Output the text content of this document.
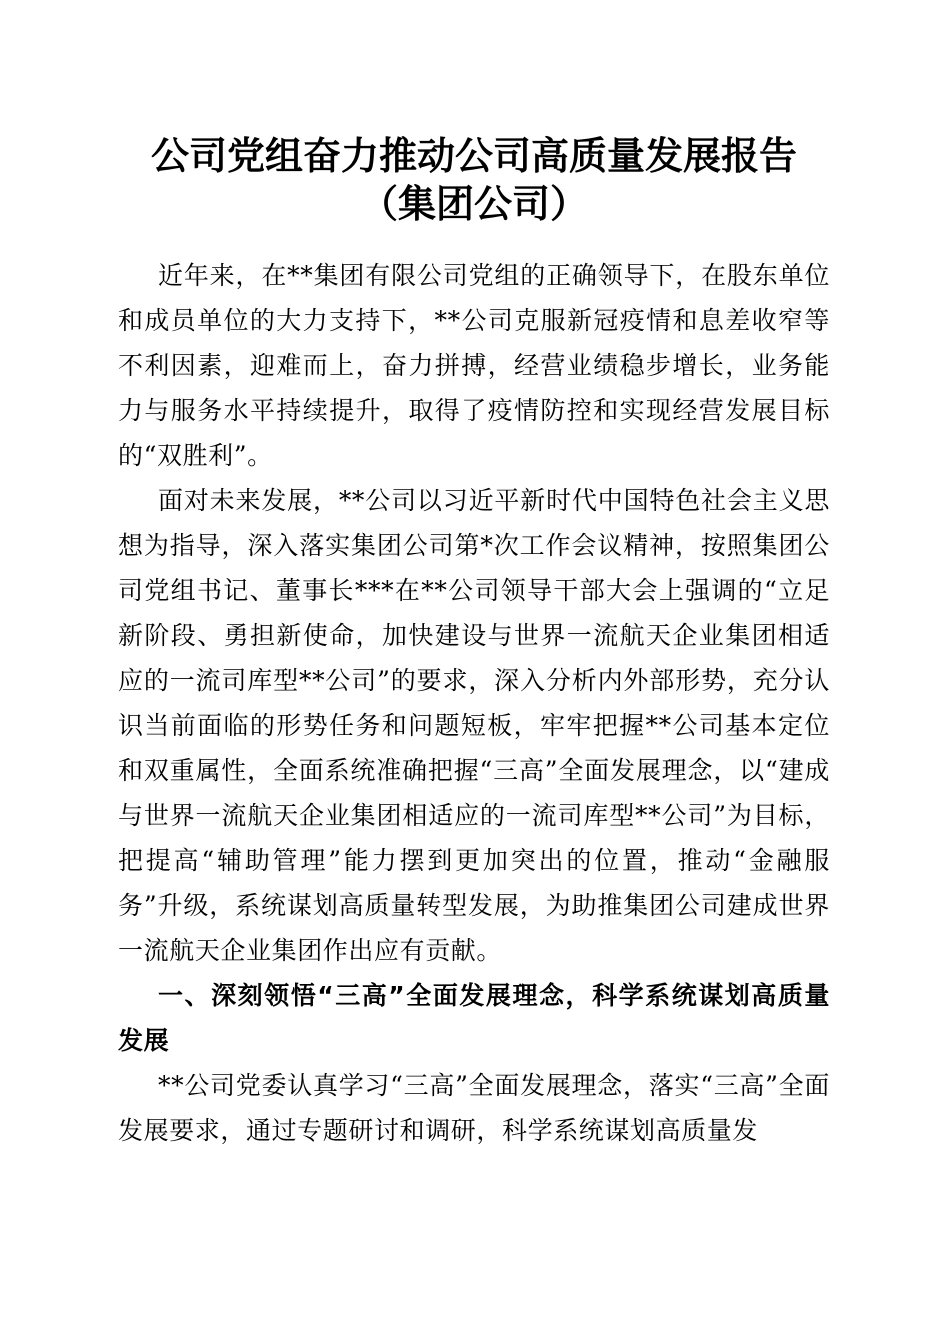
公司党组奋力推动公司高质量发展报告（集团公司）

近年来，在**集团有限公司党组的正确领导下，在股东单位和成员单位的大力支持下，**公司克服新冠疫情和息差收窄等不利因素，迎难而上，奋力拼搏，经营业绩稳步增长，业务能力与服务水平持续提升，取得了疫情防控和实现经营发展目标的“双胜利”。

面对未来发展，**公司以习近平新时代中国特色社会主义思想为指导，深入落实集团公司第*次工作会议精神，按照集团公司党组书记、董事长***在**公司领导干部大会上强调的“立足新阶段、勇担新使命，加快建设与世界一流航天企业集团相适应的一流司库型**公司”的要求，深入分析内外部形势，充分认识当前面临的形势任务和问题短板，牢牢把握**公司基本定位和双重属性，全面系统准确把握“三高”全面发展理念，以“建成与世界一流航天企业集团相适应的一流司库型**公司”为目标，把提高“辅助管理”能力摆到更加突出的位置，推动“金融服务”升级，系统谋划高质量转型发展，为助推集团公司建成世界一流航天企业集团作出应有贡献。

一、深刻领悟“三高”全面发展理念，科学系统谋划高质量发展

**公司党委认真学习“三高”全面发展理念，落实“三高”全面发展要求，通过专题研讨和调研，科学系统谋划高质量发
